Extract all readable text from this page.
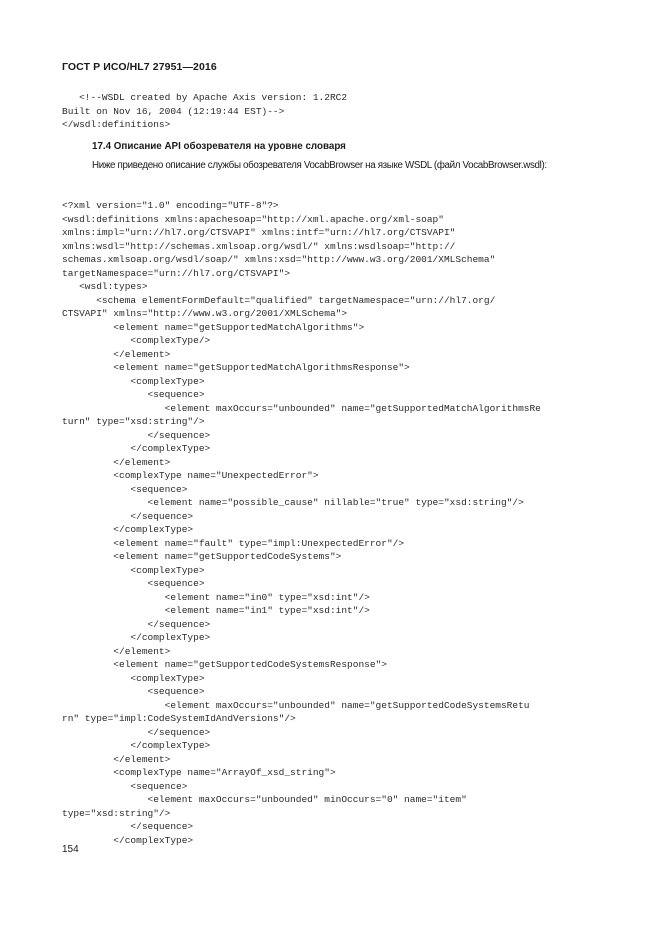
ГОСТ Р ИСО/HL7 27951—2016
<!--WSDL created by Apache Axis version: 1.2RC2
Built on Nov 16, 2004 (12:19:44 EST)-->
</wsdl:definitions>
17.4 Описание API обозревателя на уровне словаря
Ниже приведено описание службы обозревателя VocabBrowser на языке WSDL (файл VocabBrowser.wsdl):
<?xml version="1.0" encoding="UTF-8"?>
<wsdl:definitions xmlns:apachesoap="http://xml.apache.org/xml-soap"
xmlns:impl="urn://hl7.org/CTSVAPI" xmlns:intf="urn://hl7.org/CTSVAPI"
xmlns:wsdl="http://schemas.xmlsoap.org/wsdl/" xmlns:wsdlsoap="http://
schemas.xmlsoap.org/wsdl/soap/" xmlns:xsd="http://www.w3.org/2001/XMLSchema"
targetNamespace="urn://hl7.org/CTSVAPI">
<wsdl:types>
<schema elementFormDefault="qualified" targetNamespace="urn://hl7.org/
CTSVAPI" xmlns="http://www.w3.org/2001/XMLSchema">
<element name="getSupportedMatchAlgorithms">
<complexType/>
</element>
<element name="getSupportedMatchAlgorithmsResponse">
<complexType>
<sequence>
<element maxOccurs="unbounded" name="getSupportedMatchAlgorithmsRe
turn" type="xsd:string"/>
</sequence>
</complexType>
</element>
<complexType name="UnexpectedError">
<sequence>
<element name="possible_cause" nillable="true" type="xsd:string"/>
</sequence>
</complexType>
<element name="fault" type="impl:UnexpectedError"/>
<element name="getSupportedCodeSystems">
<complexType>
<sequence>
<element name="in0" type="xsd:int"/>
<element name="in1" type="xsd:int"/>
</sequence>
</complexType>
</element>
<element name="getSupportedCodeSystemsResponse">
<complexType>
<sequence>
<element maxOccurs="unbounded" name="getSupportedCodeSystemsRetu
rn" type="impl:CodeSystemIdAndVersions"/>
</sequence>
</complexType>
</element>
<complexType name="ArrayOf_xsd_string">
<sequence>
<element maxOccurs="unbounded" minOccurs="0" name="item"
type="xsd:string"/>
</sequence>
</complexType>
154
